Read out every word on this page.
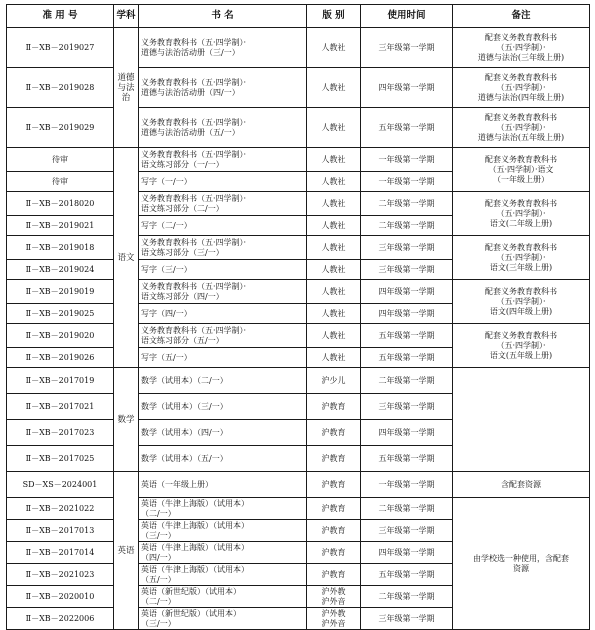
准 用 号	学科	书 名	版 别	使用时间	备注
Ⅱ－XB－2019027	道德
与法
治	义务教育教科书（五·四学制）·
道德与法治活动册（三/一）	人教社	三年级第一学期	配套义务教育教科书
（五·四学制）·
道德与法治(三年级上册)
Ⅱ－XB－2019028		义务教育教科书（五·四学制）·
道德与法治活动册（四/一）	人教社	四年级第一学期	配套义务教育教科书
（五·四学制）·
道德与法治(四年级上册)
Ⅱ－XB－2019029		义务教育教科书（五·四学制）·
道德与法治活动册（五/一）	人教社	五年级第一学期	配套义务教育教科书
（五·四学制）·
道德与法治(五年级上册)
待审	语文	义务教育教科书（五·四学制）·
语文练习部分（一/一）	人教社	一年级第一学期	配套义务教育教科书
（五·四学制）·语文
（一年级上册）
待审		写字（一/一）	人教社	一年级第一学期	
Ⅱ－XB－2018020		义务教育教科书（五·四学制）·
语文练习部分（二/一）	人教社	二年级第一学期	配套义务教育教科书
（五·四学制）·
语文(二年级上册)
Ⅱ－XB－2019021		写字（二/一）	人教社	二年级第一学期	
Ⅱ－XB－2019018		义务教育教科书（五·四学制）·
语文练习部分（三/一）	人教社	三年级第一学期	配套义务教育教科书
（五·四学制）·
语文(三年级上册)
Ⅱ－XB－2019024		写字（三/一）	人教社	三年级第一学期	
Ⅱ－XB－2019019		义务教育教科书（五·四学制）·
语文练习部分（四/一）	人教社	四年级第一学期	配套义务教育教科书
（五·四学制）·
语文(四年级上册)
Ⅱ－XB－2019025		写字（四/一）	人教社	四年级第一学期	
Ⅱ－XB－2019020		义务教育教科书（五·四学制）·
语文练习部分（五/一）	人教社	五年级第一学期	配套义务教育教科书
（五·四学制）·
语文(五年级上册)
Ⅱ－XB－2019026		写字（五/一）	人教社	五年级第一学期	
Ⅱ－XB－2017019	数学	数学（试用本）（二/一）	沪少儿	二年级第一学期	
Ⅱ－XB－2017021		数学（试用本）（三/一）	沪教育	三年级第一学期	
Ⅱ－XB－2017023		数学（试用本）（四/一）	沪教育	四年级第一学期	
Ⅱ－XB－2017025		数学（试用本）（五/一）	沪教育	五年级第一学期	
SD－XS－2024001	英语	英语（一年级上册）	沪教育	一年级第一学期	含配套资源
Ⅱ－XB－2021022		英语（牛津上海版）（试用本）
（二/一）	沪教育	二年级第一学期	由学校选一种使用，含配套
资源
Ⅱ－XB－2017013		英语（牛津上海版）（试用本）
（三/一）	沪教育	三年级第一学期	
Ⅱ－XB－2017014		英语（牛津上海版）（试用本）
（四/一）	沪教育	四年级第一学期	
Ⅱ－XB－2021023		英语（牛津上海版）（试用本）
（五/一）	沪教育	五年级第一学期	
Ⅱ－XB－2020010		英语（新世纪版）（试用本）
（二/一）	沪外教
沪外音	二年级第一学期	
Ⅱ－XB－2022006		英语（新世纪版）（试用本）
（三/一）	沪外教
沪外音	三年级第一学期	
